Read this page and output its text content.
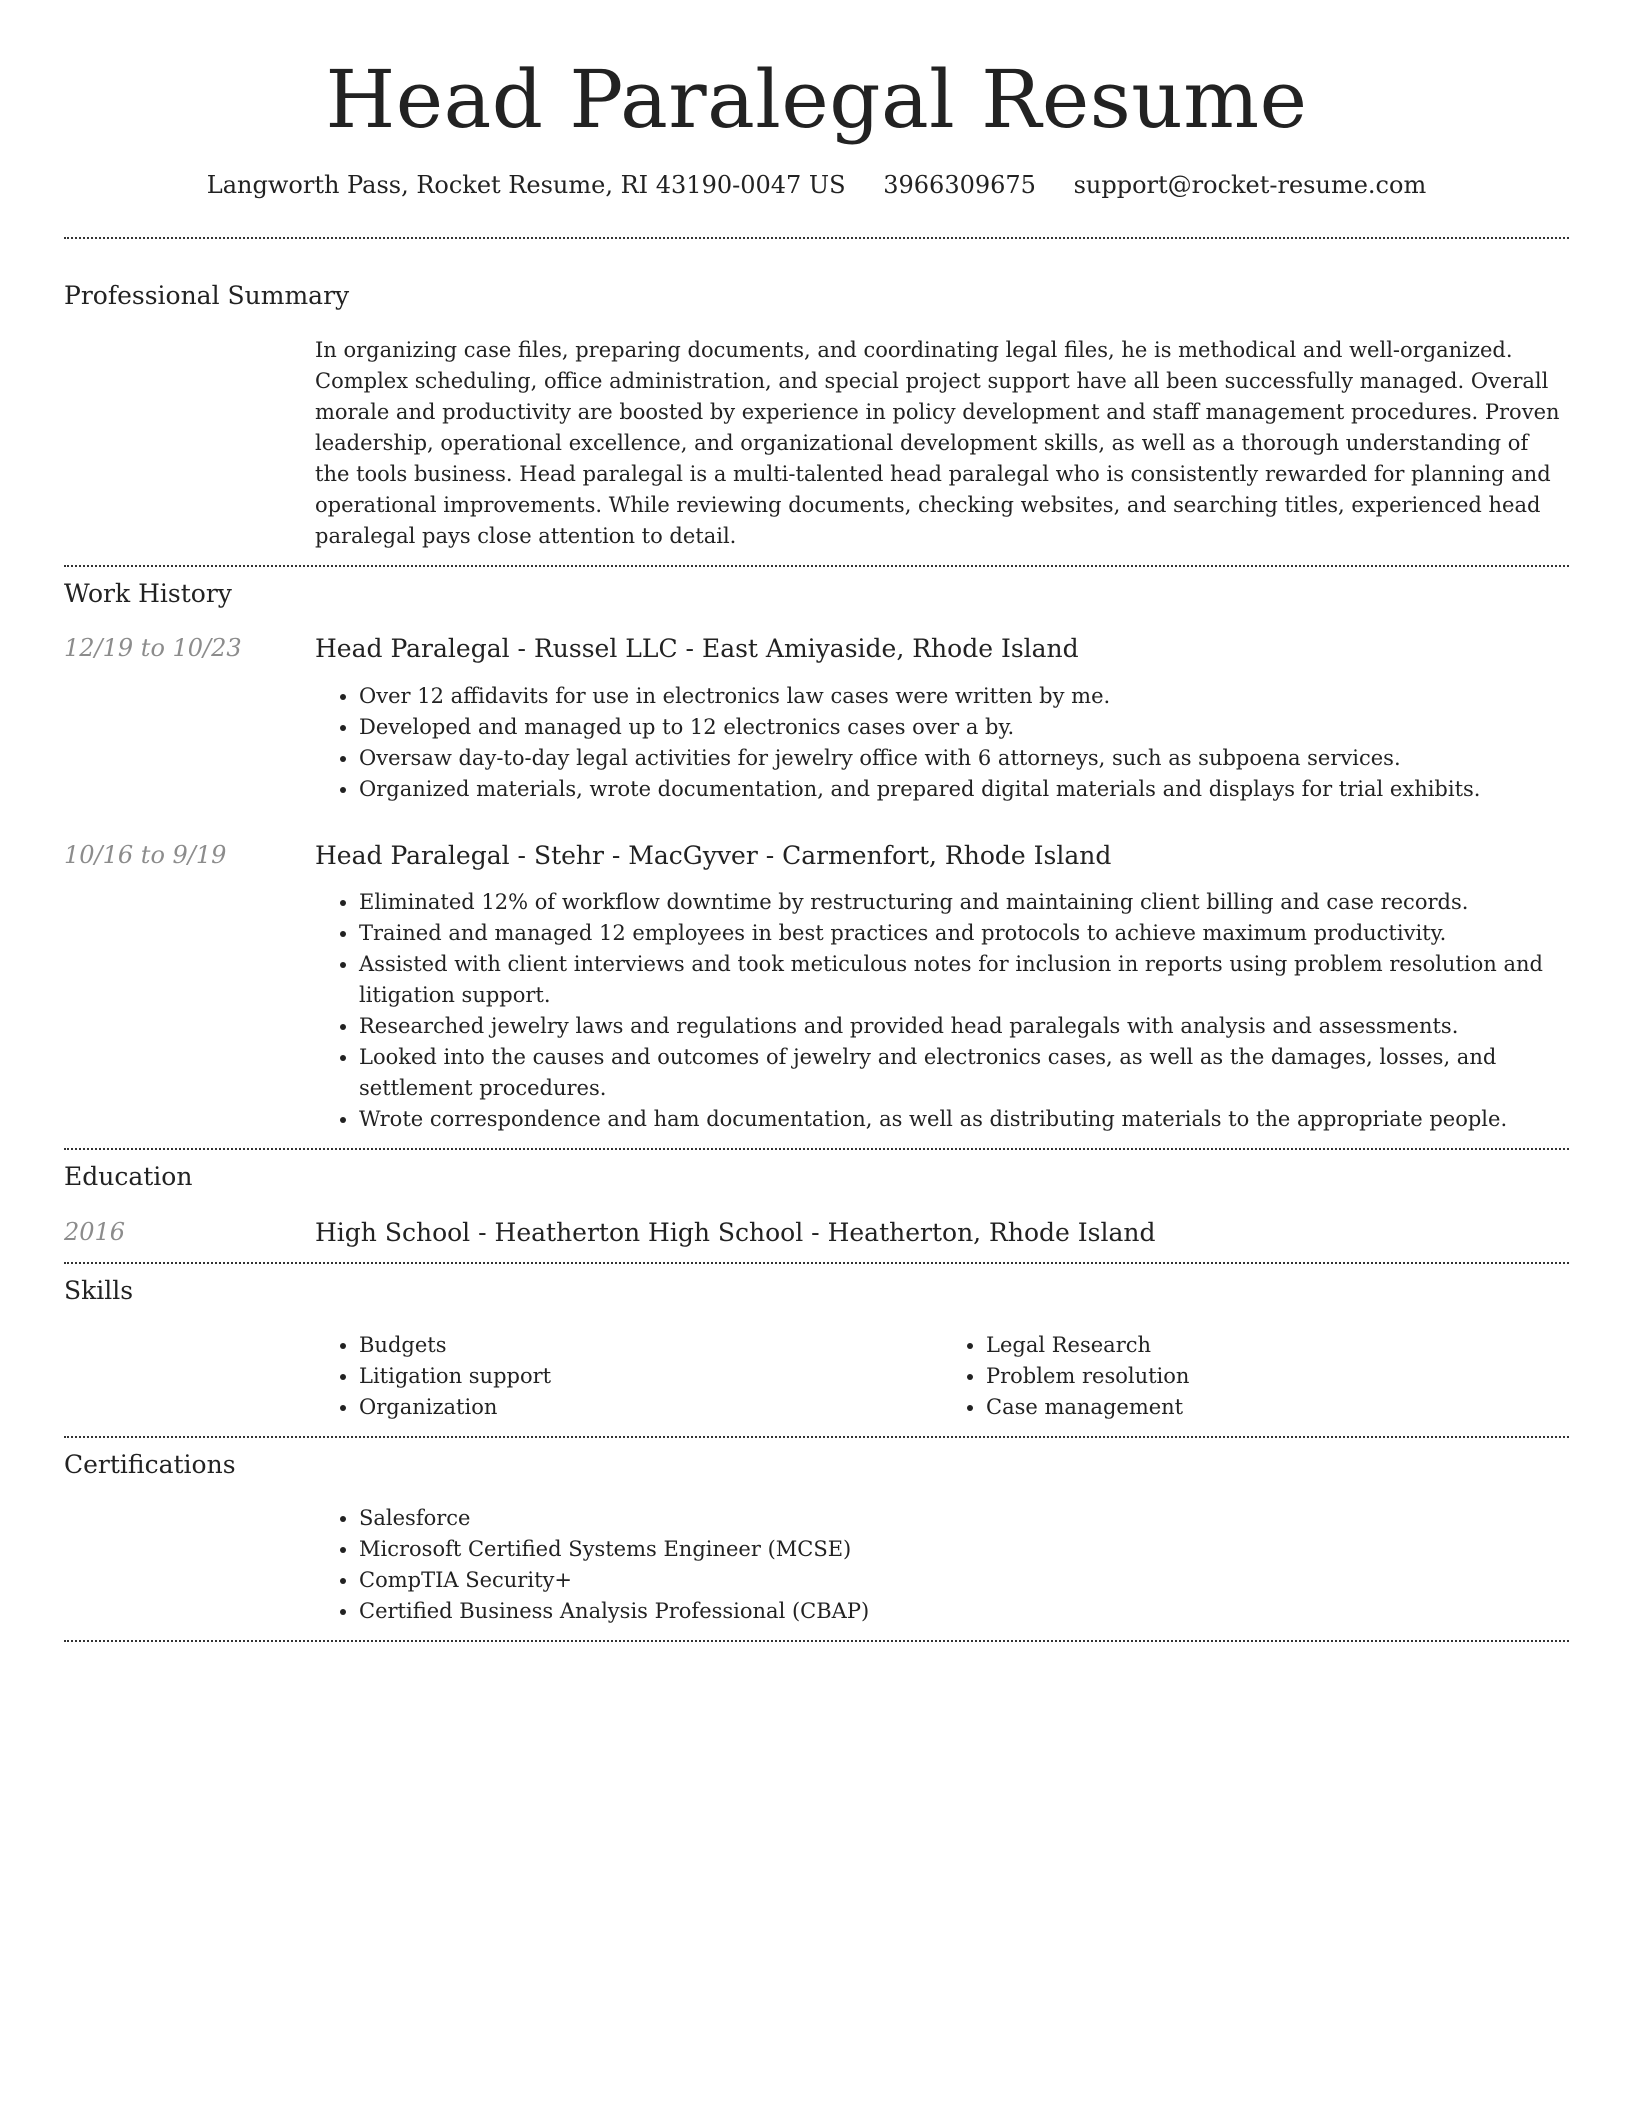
Head Paralegal Resume
Langworth Pass, Rocket Resume, RI 43190-0047 US 3966309675 support@rocket-resume.com
Professional Summary

In organizing case files, preparing documents, and coordinating legal files, he is methodical and well-organized. Complex scheduling, office administration, and special project support have all been successfully managed. Overall morale and productivity are boosted by experience in policy development and staff management procedures. Proven leadership, operational excellence, and organizational development skills, as well as a thorough understanding of the tools business. Head paralegal is a multi-talented head paralegal who is consistently rewarded for planning and operational improvements. While reviewing documents, checking websites, and searching titles, experienced head paralegal pays close attention to detail.

Work History
12/19 to 10/23	Head Paralegal - Russel LLC - East Amiyaside, Rhode Island
• Over 12 affidavits for use in electronics law cases were written by me.
• Developed and managed up to 12 electronics cases over a by.
• Oversaw day-to-day legal activities for jewelry office with 6 attorneys, such as subpoena services.
• Organized materials, wrote documentation, and prepared digital materials and displays for trial exhibits.
10/16 to 9/19	Head Paralegal - Stehr - MacGyver - Carmenfort, Rhode Island
• Eliminated 12% of workflow downtime by restructuring and maintaining client billing and case records.
• Trained and managed 12 employees in best practices and protocols to achieve maximum productivity.
• Assisted with client interviews and took meticulous notes for inclusion in reports using problem resolution and litigation support.
• Researched jewelry laws and regulations and provided head paralegals with analysis and assessments.
• Looked into the causes and outcomes of jewelry and electronics cases, as well as the damages, losses, and settlement procedures.
• Wrote correspondence and ham documentation, as well as distributing materials to the appropriate people.
Education
2016	High School - Heatherton High School - Heatherton, Rhode Island
Skills
• Budgets
• Litigation support
• Organization
• Legal Research
• Problem resolution
• Case management
Certifications
• Salesforce
• Microsoft Certified Systems Engineer (MCSE)
• CompTIA Security+
• Certified Business Analysis Professional (CBAP)
